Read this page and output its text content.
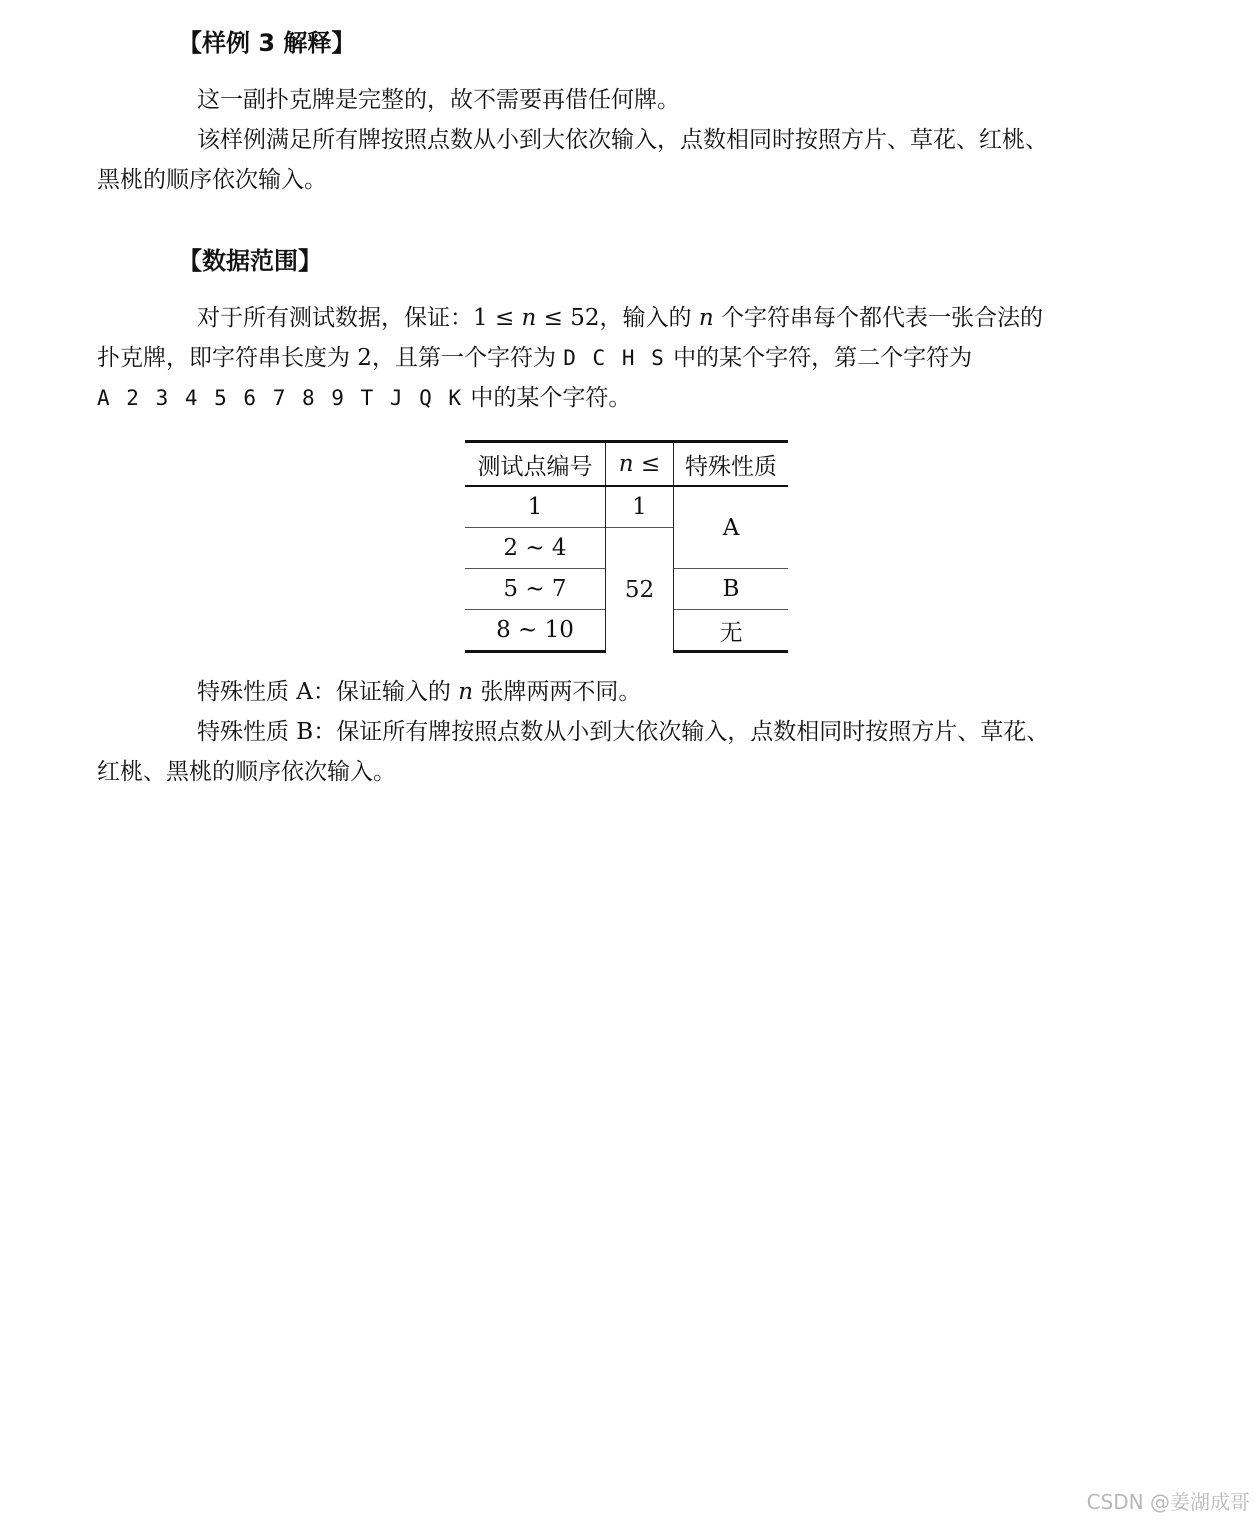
【样例 3 解释】

这一副扑克牌是完整的，故不需要再借任何牌。

该样例满足所有牌按照点数从小到大依次输入，点数相同时按照方片、草花、红桃、
黑桃的顺序依次输入。

【数据范围】

对于所有测试数据，保证：1 ≤ n ≤ 52，输入的 n 个字符串每个都代表一张合法的
扑克牌，即字符串长度为 2，且第一个字符为 D C H S 中的某个字符，第二个字符为
A 2 3 4 5 6 7 8 9 T J Q K 中的某个字符。

测试点编号	n ≤	特殊性质
1	1	A
2 ∼ 4	52	
5 ∼ 7		B
8 ∼ 10		无

特殊性质 A：保证输入的 n 张牌两两不同。

特殊性质 B：保证所有牌按照点数从小到大依次输入，点数相同时按照方片、草花、
红桃、黑桃的顺序依次输入。

CSDN @姜湖成哥
